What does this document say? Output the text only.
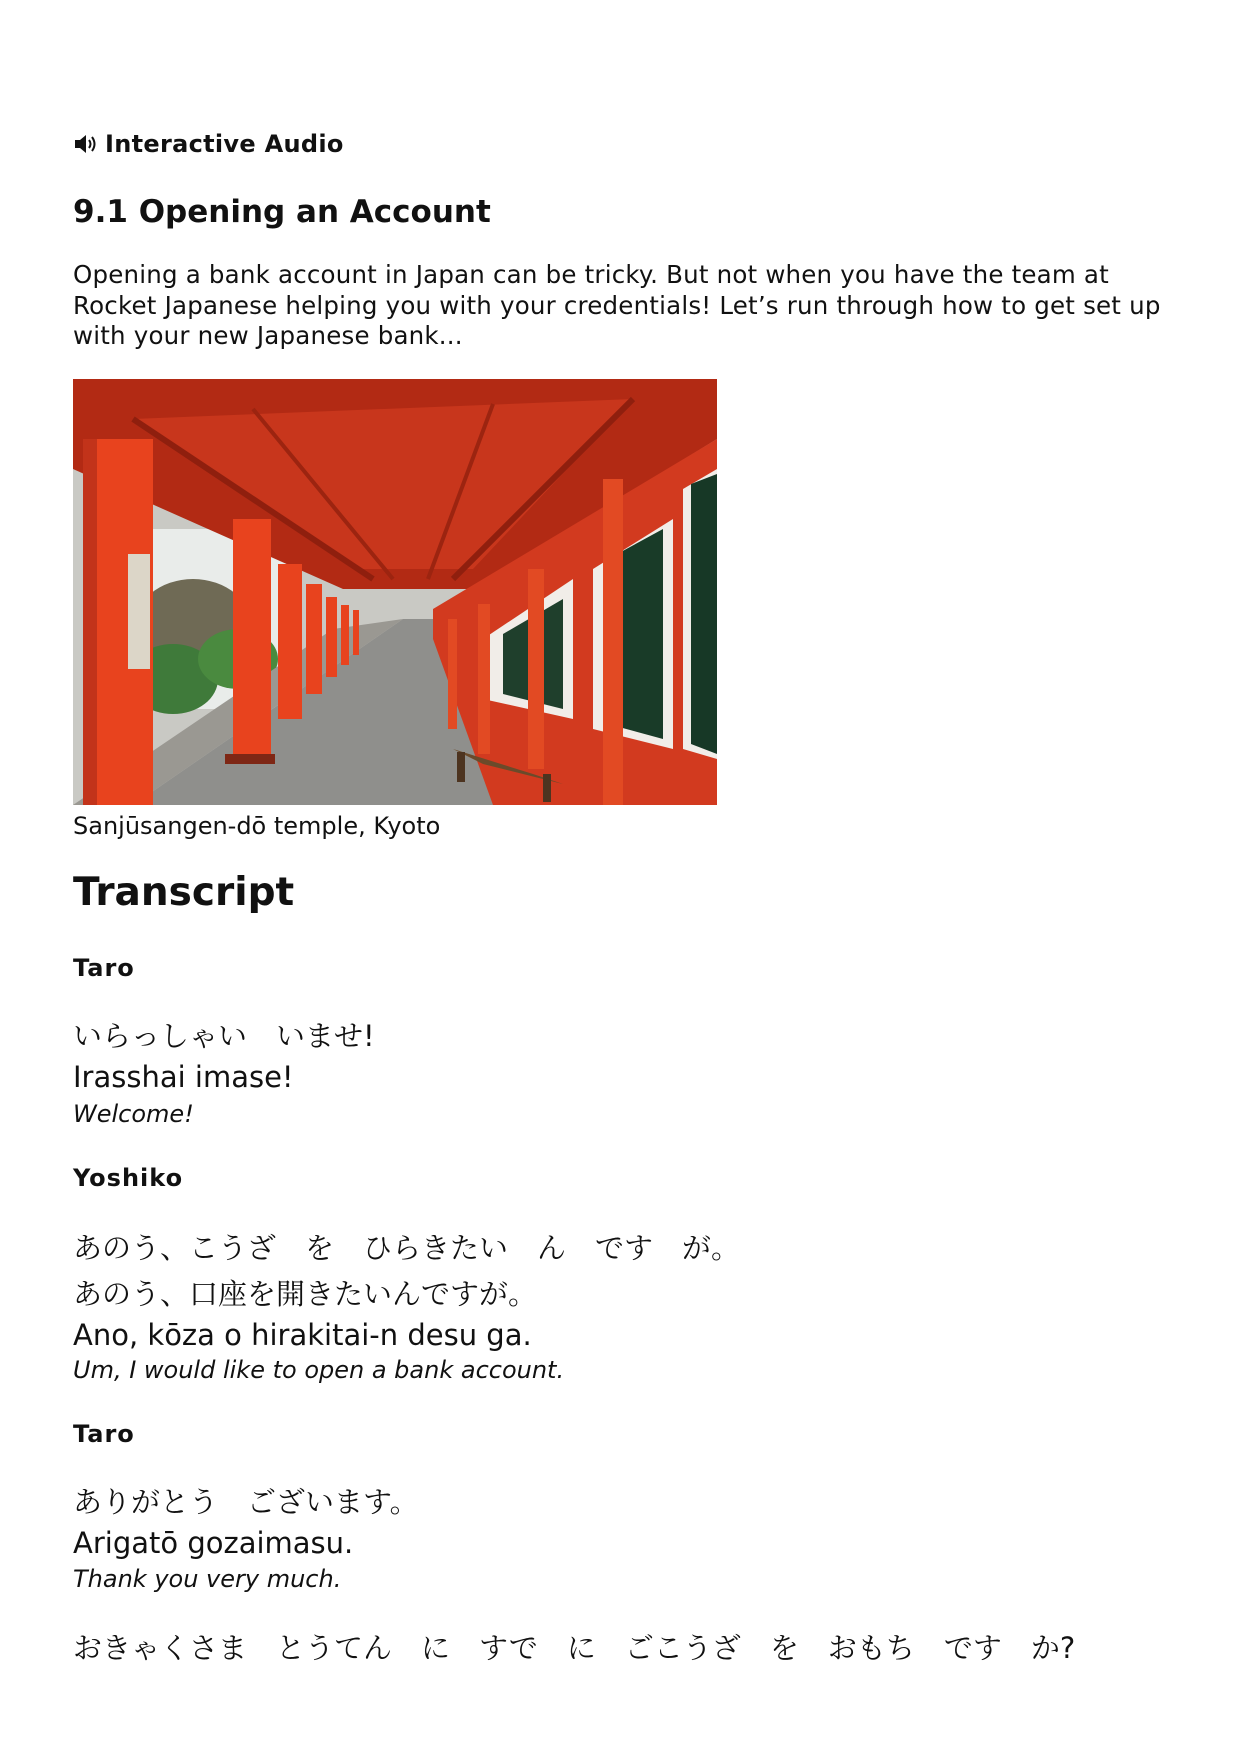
Interactive Audio
9.1 Opening an Account

Opening a bank account in Japan can be tricky. But not when you have the team at Rocket Japanese helping you with your credentials! Let’s run through how to get set up with your new Japanese bank...

Sanjūsangen-dō temple, Kyoto
Transcript
Taro
いらっしゃい　いませ!
Irasshai imase!
Welcome!
Yoshiko
あのう、こうざ　を　ひらきたい　ん　です　が。
あのう、口座を開きたいんですが。
Ano, kōza o hirakitai-n desu ga.
Um, I would like to open a bank account.
Taro
ありがとう　ございます。
Arigatō gozaimasu.
Thank you very much.
おきゃくさま　とうてん　に　すで　に　ごこうざ　を　おもち　です　か?
